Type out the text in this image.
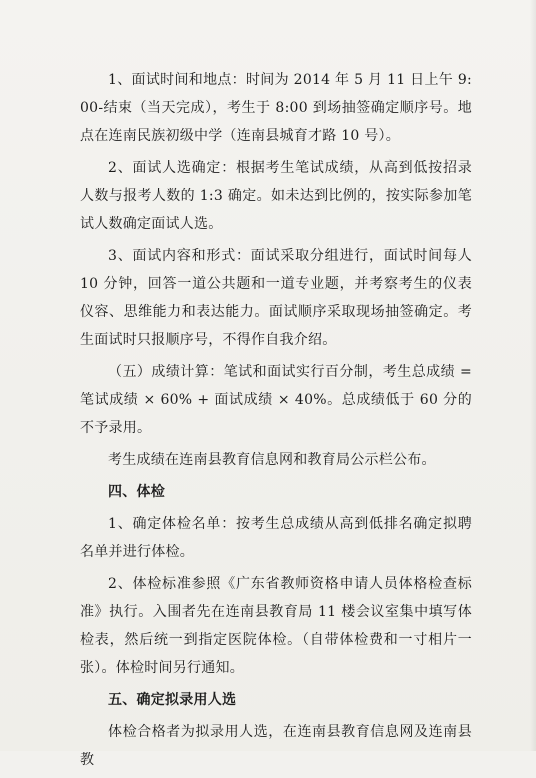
1、面试时间和地点：时间为 2014 年 5 月 11 日上午 9:00-结束（当天完成），考生于 8:00 到场抽签确定顺序号。地点在连南民族初级中学（连南县城育才路 10 号）。

2、面试人选确定：根据考生笔试成绩，从高到低按招录人数与报考人数的 1:3 确定。如未达到比例的，按实际参加笔试人数确定面试人选。

3、面试内容和形式：面试采取分组进行，面试时间每人 10 分钟，回答一道公共题和一道专业题，并考察考生的仪表仪容、思维能力和表达能力。面试顺序采取现场抽签确定。考生面试时只报顺序号，不得作自我介绍。

（五）成绩计算：笔试和面试实行百分制，考生总成绩 = 笔试成绩 × 60% + 面试成绩 × 40%。总成绩低于 60 分的不予录用。

考生成绩在连南县教育信息网和教育局公示栏公布。

四、体检

1、确定体检名单：按考生总成绩从高到低排名确定拟聘名单并进行体检。

2、体检标准参照《广东省教师资格申请人员体格检查标准》执行。入围者先在连南县教育局 11 楼会议室集中填写体检表，然后统一到指定医院体检。（自带体检费和一寸相片一张）。体检时间另行通知。

五、确定拟录用人选

体检合格者为拟录用人选，在连南县教育信息网及连南县教
